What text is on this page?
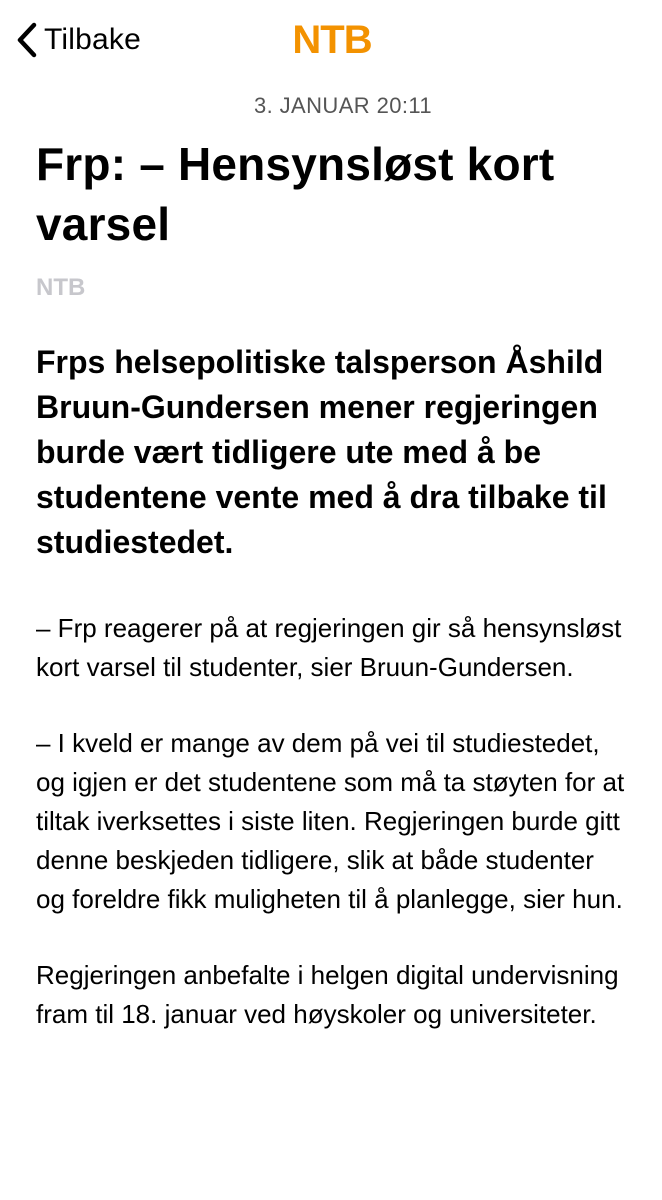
Tilbake	NTB
3. JANUAR 20:11
Frp: – Hensynsløst kort varsel
NTB

Frps helsepolitiske talsperson Åshild Bruun-Gundersen mener regjeringen burde vært tidligere ute med å be studentene vente med å dra tilbake til studiestedet.

– Frp reagerer på at regjeringen gir så hensynsløst kort varsel til studenter, sier Bruun-Gundersen.

– I kveld er mange av dem på vei til studiestedet, og igjen er det studentene som må ta støyten for at tiltak iverksettes i siste liten. Regjeringen burde gitt denne beskjeden tidligere, slik at både studenter og foreldre fikk muligheten til å planlegge, sier hun.

Regjeringen anbefalte i helgen digital undervisning fram til 18. januar ved høyskoler og universiteter.
